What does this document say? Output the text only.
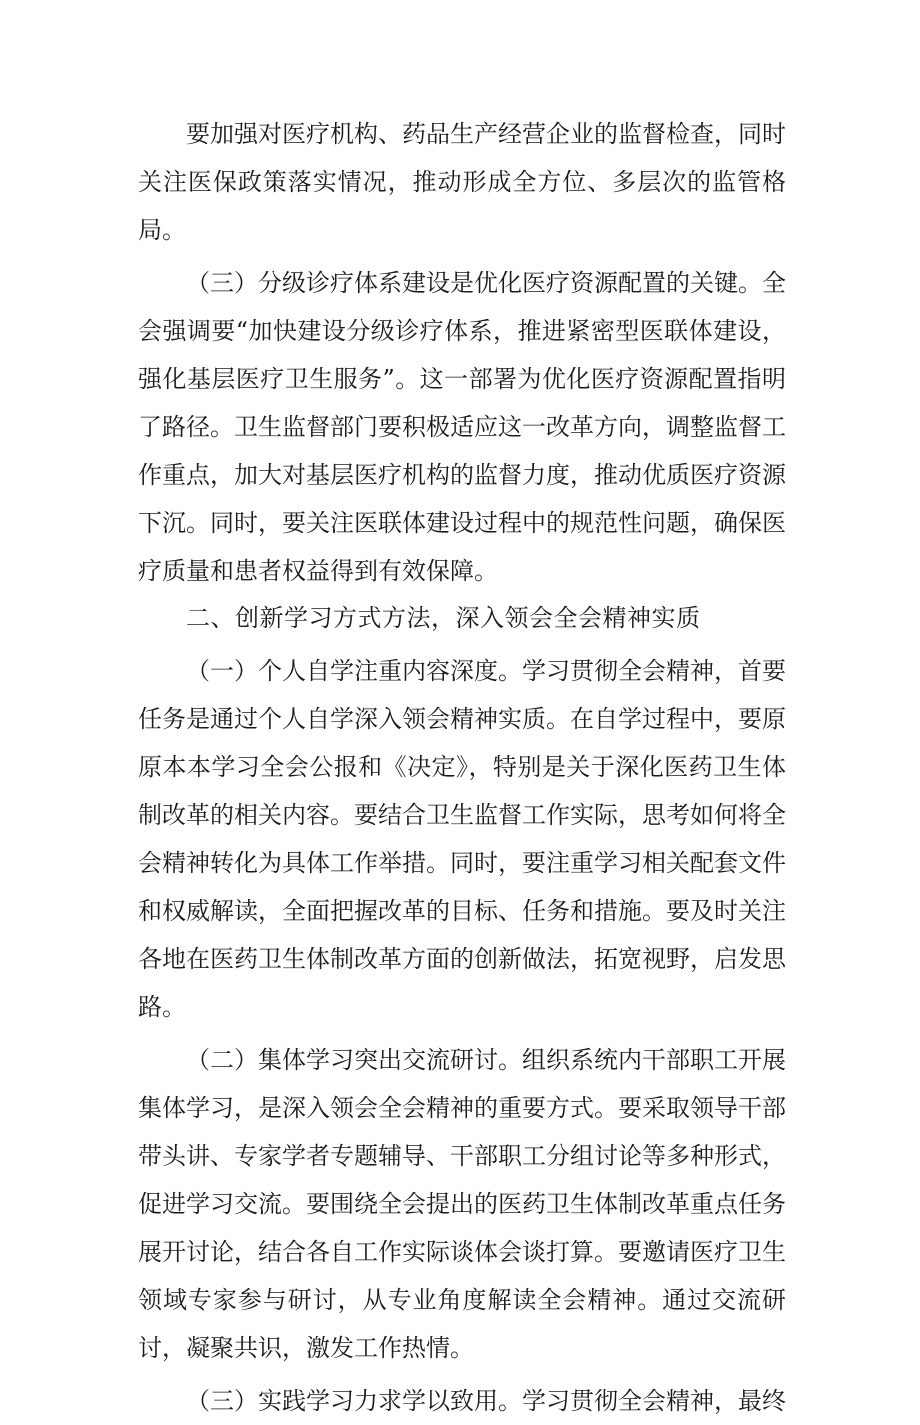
要加强对医疗机构、药品生产经营企业的监督检查，同时关注医保政策落实情况，推动形成全方位、多层次的监管格局。

（三）分级诊疗体系建设是优化医疗资源配置的关键。全会强调要“加快建设分级诊疗体系，推进紧密型医联体建设，强化基层医疗卫生服务”。这一部署为优化医疗资源配置指明了路径。卫生监督部门要积极适应这一改革方向，调整监督工作重点，加大对基层医疗机构的监督力度，推动优质医疗资源下沉。同时，要关注医联体建设过程中的规范性问题，确保医疗质量和患者权益得到有效保障。

二、创新学习方式方法，深入领会全会精神实质

（一）个人自学注重内容深度。学习贯彻全会精神，首要任务是通过个人自学深入领会精神实质。在自学过程中，要原原本本学习全会公报和《决定》，特别是关于深化医药卫生体制改革的相关内容。要结合卫生监督工作实际，思考如何将全会精神转化为具体工作举措。同时，要注重学习相关配套文件和权威解读，全面把握改革的目标、任务和措施。要及时关注各地在医药卫生体制改革方面的创新做法，拓宽视野，启发思路。

（二）集体学习突出交流研讨。组织系统内干部职工开展集体学习，是深入领会全会精神的重要方式。要采取领导干部带头讲、专家学者专题辅导、干部职工分组讨论等多种形式，促进学习交流。要围绕全会提出的医药卫生体制改革重点任务展开讨论，结合各自工作实际谈体会谈打算。要邀请医疗卫生领域专家参与研讨，从专业角度解读全会精神。通过交流研讨，凝聚共识，激发工作热情。

（三）实践学习力求学以致用。学习贯彻全会精神，最终
